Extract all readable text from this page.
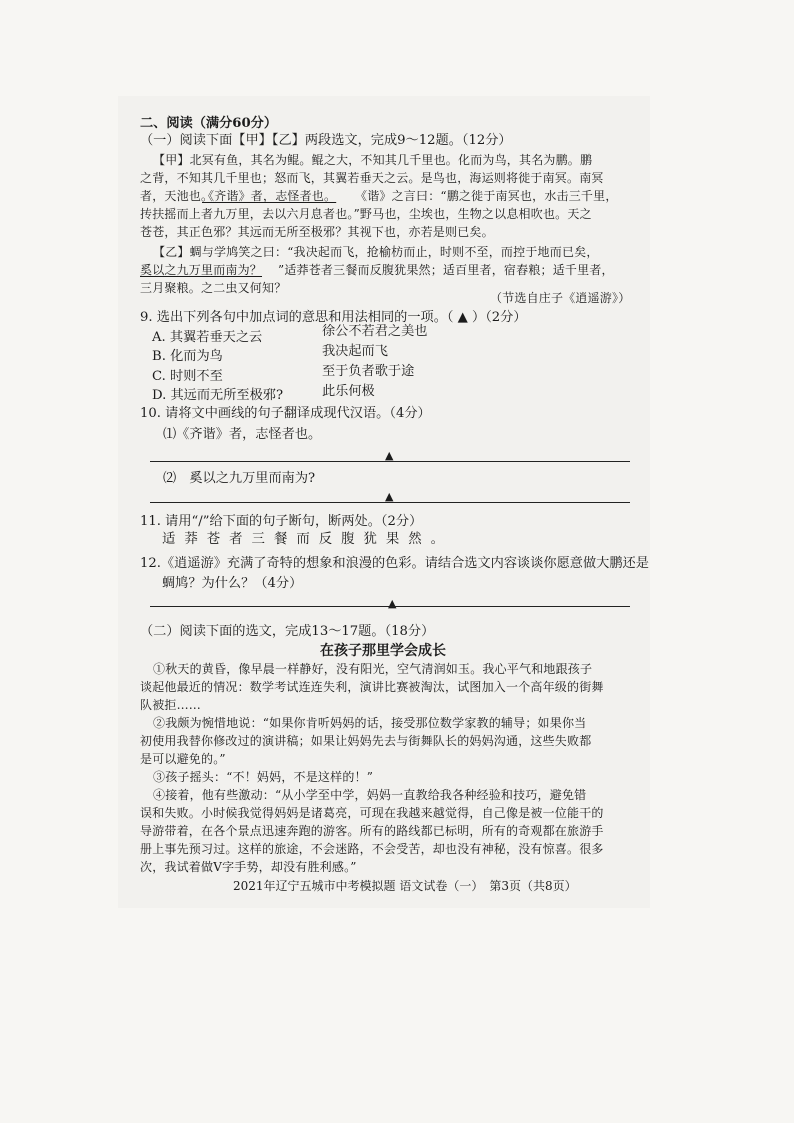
二、阅读（满分60分）
（一）阅读下面【甲】【乙】两段选文，完成9～12题。（12分）
【甲】北冥有鱼，其名为鲲。鲲之大，不知其几千里也。化而为鸟，其名为鹏。鹏
之背，不知其几千里也；怒而飞，其翼若垂天之云。是鸟也，海运则将徙于南冥。南冥
者，天池也。
《齐谐》者，志怪者也。 《谐》之言曰：“鹏之徙于南冥也，水击三千里，
抟扶摇而上者九万里，去以六月息者也。”野马也，尘埃也，生物之以息相吹也。天之
苍苍，其正色邪？其远而无所至极邪？其视下也，亦若是则已矣。
【乙】蜩与学鸠笑之曰：“我决起而飞，抢榆枋而止，时则不至，而控于地而已矣，
奚以之九万里而南为？ ”适莽苍者三餐而反腹犹果然；适百里者，宿舂粮；适千里者，
三月聚粮。之二虫又何知？
（节选自庄子《逍遥游》）
9. 选出下列各句中加点词的意思和用法相同的一项。（ ▲ ）（2分）
A. 其翼若垂天之云	徐公不若君之美也
B. 化而为鸟	我决起而飞
C. 时则不至	至于负者歌于途
D. 其远而无所至极邪?	此乐何极
10. 请将文中画线的句子翻译成现代汉语。（4分）
⑴《齐谐》者，志怪者也。
▲
⑵　奚以之九万里而南为?
▲
11. 请用“/”给下面的句子断句，断两处。（2分）
适莽苍者三餐而反腹犹果然。
12.《逍遥游》充满了奇特的想象和浪漫的色彩。请结合选文内容谈谈你愿意做大鹏还是
蜩鸠？为什么？（4分）
▲
（二）阅读下面的选文，完成13～17题。（18分）
在孩子那里学会成长
①秋天的黄昏，像早晨一样静好，没有阳光，空气清润如玉。我心平气和地跟孩子
谈起他最近的情况：数学考试连连失利，演讲比赛被淘汰，试图加入一个高年级的街舞
队被拒……
②我颇为惋惜地说：“如果你肯听妈妈的话，接受那位数学家教的辅导；如果你当
初使用我替你修改过的演讲稿；如果让妈妈先去与街舞队长的妈妈沟通，这些失败都
是可以避免的。”
③孩子摇头：“不！妈妈，不是这样的！”
④接着，他有些激动：“从小学至中学，妈妈一直教给我各种经验和技巧，避免错
误和失败。小时候我觉得妈妈是诸葛亮，可现在我越来越觉得，自己像是被一位能干的
导游带着，在各个景点迅速奔跑的游客。所有的路线都已标明，所有的奇观都在旅游手
册上事先预习过。这样的旅途，不会迷路，不会受苦，却也没有神秘，没有惊喜。很多
次，我试着做V字手势，却没有胜利感。”
2021年辽宁五城市中考模拟题 语文试卷（一）　第3页（共8页）
